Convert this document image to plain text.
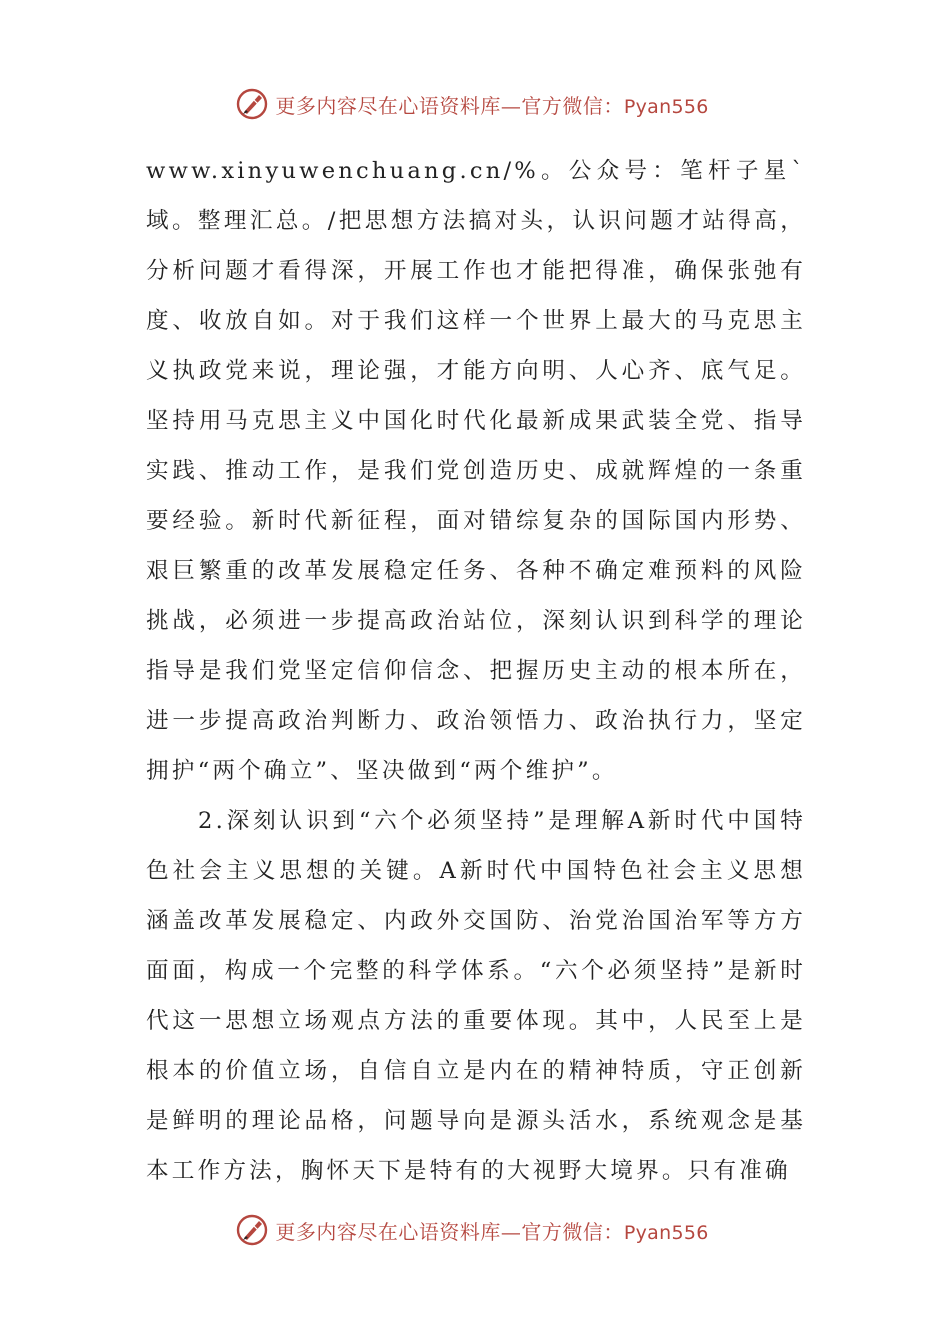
更多内容尽在心语资料库—官方微信：Pyan556

www.xinyuwenchuang.cn/%。公众号：笔杆子星`域。整理汇总。/把思想方法搞对头，认识问题才站得高，分析问题才看得深，开展工作也才能把得准，确保张弛有度、收放自如。对于我们这样一个世界上最大的马克思主义执政党来说，理论强，才能方向明、人心齐、底气足。坚持用马克思主义中国化时代化最新成果武装全党、指导实践、推动工作，是我们党创造历史、成就辉煌的一条重要经验。新时代新征程，面对错综复杂的国际国内形势、艰巨繁重的改革发展稳定任务、各种不确定难预料的风险挑战，必须进一步提高政治站位，深刻认识到科学的理论指导是我们党坚定信仰信念、把握历史主动的根本所在，进一步提高政治判断力、政治领悟力、政治执行力，坚定拥护“两个确立”、坚决做到“两个维护”。

2.深刻认识到“六个必须坚持”是理解A新时代中国特色社会主义思想的关键。A新时代中国特色社会主义思想涵盖改革发展稳定、内政外交国防、治党治国治军等方方面面，构成一个完整的科学体系。“六个必须坚持”是新时代这一思想立场观点方法的重要体现。其中，人民至上是根本的价值立场，自信自立是内在的精神特质，守正创新是鲜明的理论品格，问题导向是源头活水，系统观念是基本工作方法，胸怀天下是特有的大视野大境界。只有准确

更多内容尽在心语资料库—官方微信：Pyan556
